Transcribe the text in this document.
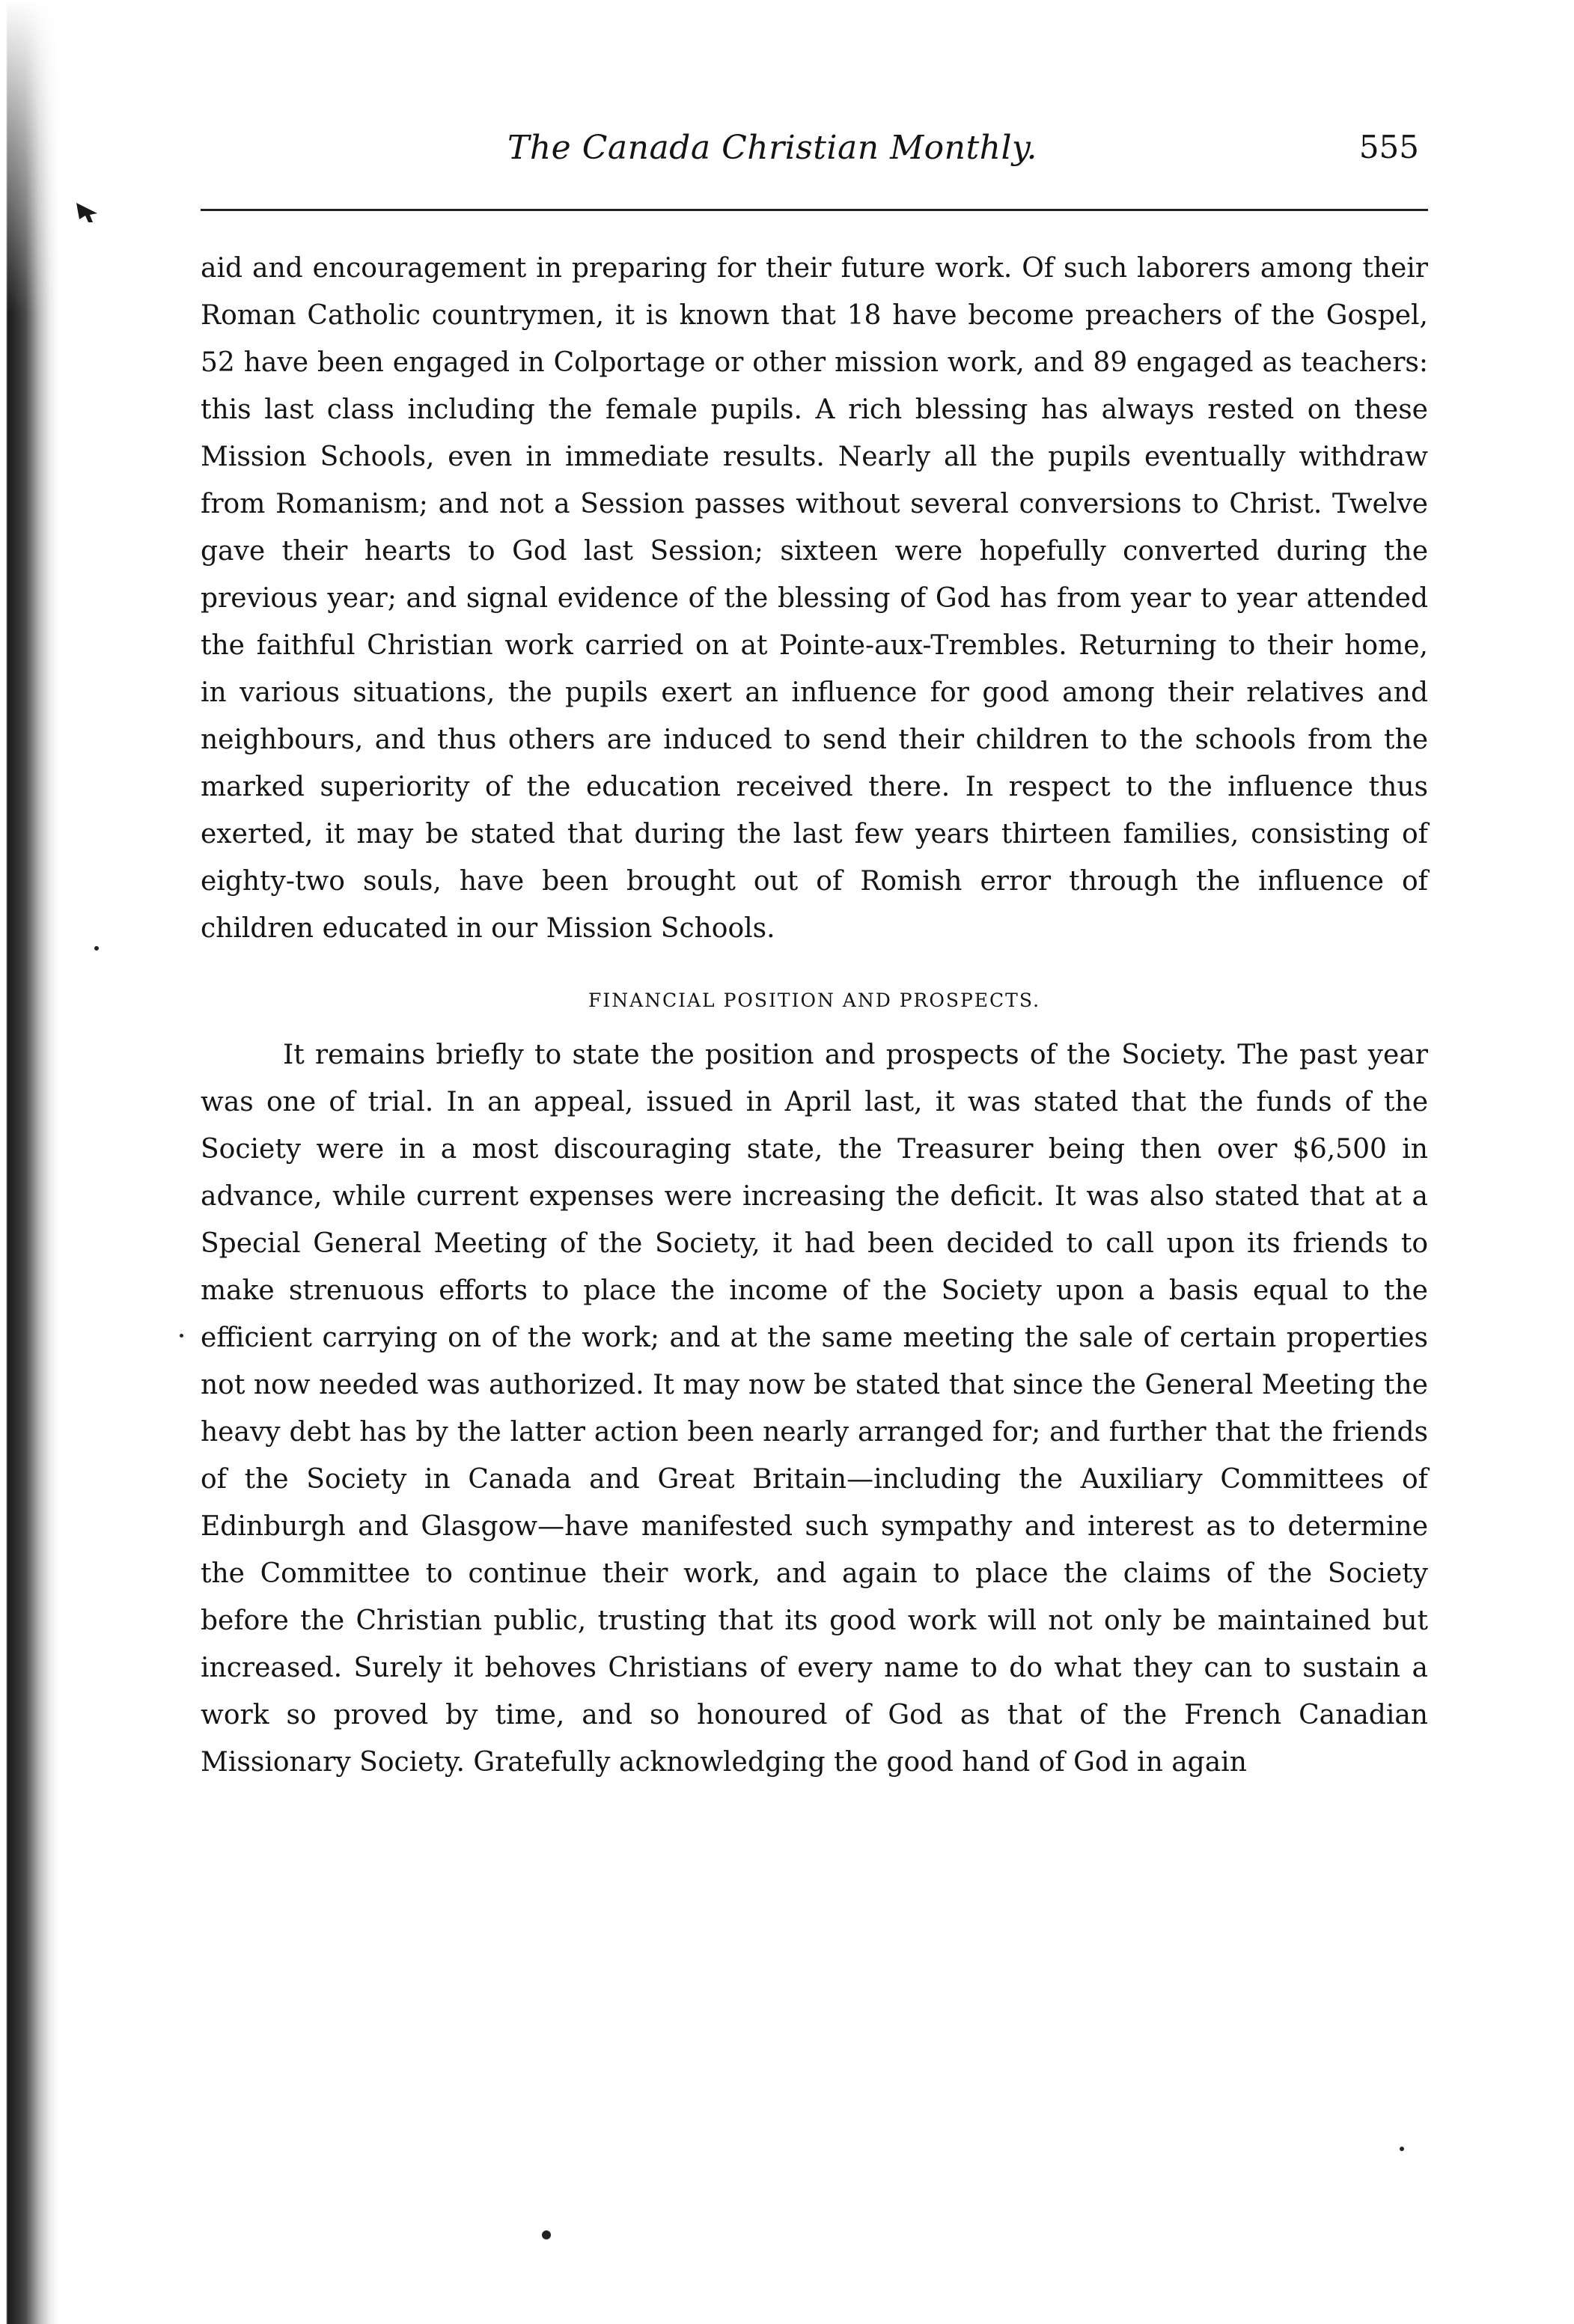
The Canada Christian Monthly.	555

aid and encouragement in preparing for their future work. Of such laborers among their Roman Catholic countrymen, it is known that 18 have become preachers of the Gospel, 52 have been engaged in Colportage or other mission work, and 89 engaged as teachers: this last class including the female pupils. A rich blessing has always rested on these Mission Schools, even in immediate results. Nearly all the pupils eventually withdraw from Romanism; and not a Session passes without several conversions to Christ. Twelve gave their hearts to God last Session; sixteen were hopefully converted during the previous year; and signal evidence of the blessing of God has from year to year attended the faithful Christian work carried on at Pointe-aux-Trembles. Returning to their home, in various situations, the pupils exert an influence for good among their relatives and neighbours, and thus others are induced to send their children to the schools from the marked superiority of the education received there. In respect to the influence thus exerted, it may be stated that during the last few years thirteen families, consisting of eighty-two souls, have been brought out of Romish error through the influence of children educated in our Mission Schools.

FINANCIAL POSITION AND PROSPECTS.

It remains briefly to state the position and prospects of the Society. The past year was one of trial. In an appeal, issued in April last, it was stated that the funds of the Society were in a most discouraging state, the Treasurer being then over $6,500 in advance, while current expenses were increasing the deficit. It was also stated that at a Special General Meeting of the Society, it had been decided to call upon its friends to make strenuous efforts to place the income of the Society upon a basis equal to the efficient carrying on of the work; and at the same meeting the sale of certain properties not now needed was authorized. It may now be stated that since the General Meeting the heavy debt has by the latter action been nearly arranged for; and further that the friends of the Society in Canada and Great Britain—including the Auxiliary Committees of Edinburgh and Glasgow—have manifested such sympathy and interest as to determine the Committee to continue their work, and again to place the claims of the Society before the Christian public, trusting that its good work will not only be maintained but increased. Surely it behoves Christians of every name to do what they can to sustain a work so proved by time, and so honoured of God as that of the French Canadian Missionary Society. Gratefully acknowledging the good hand of God in again
